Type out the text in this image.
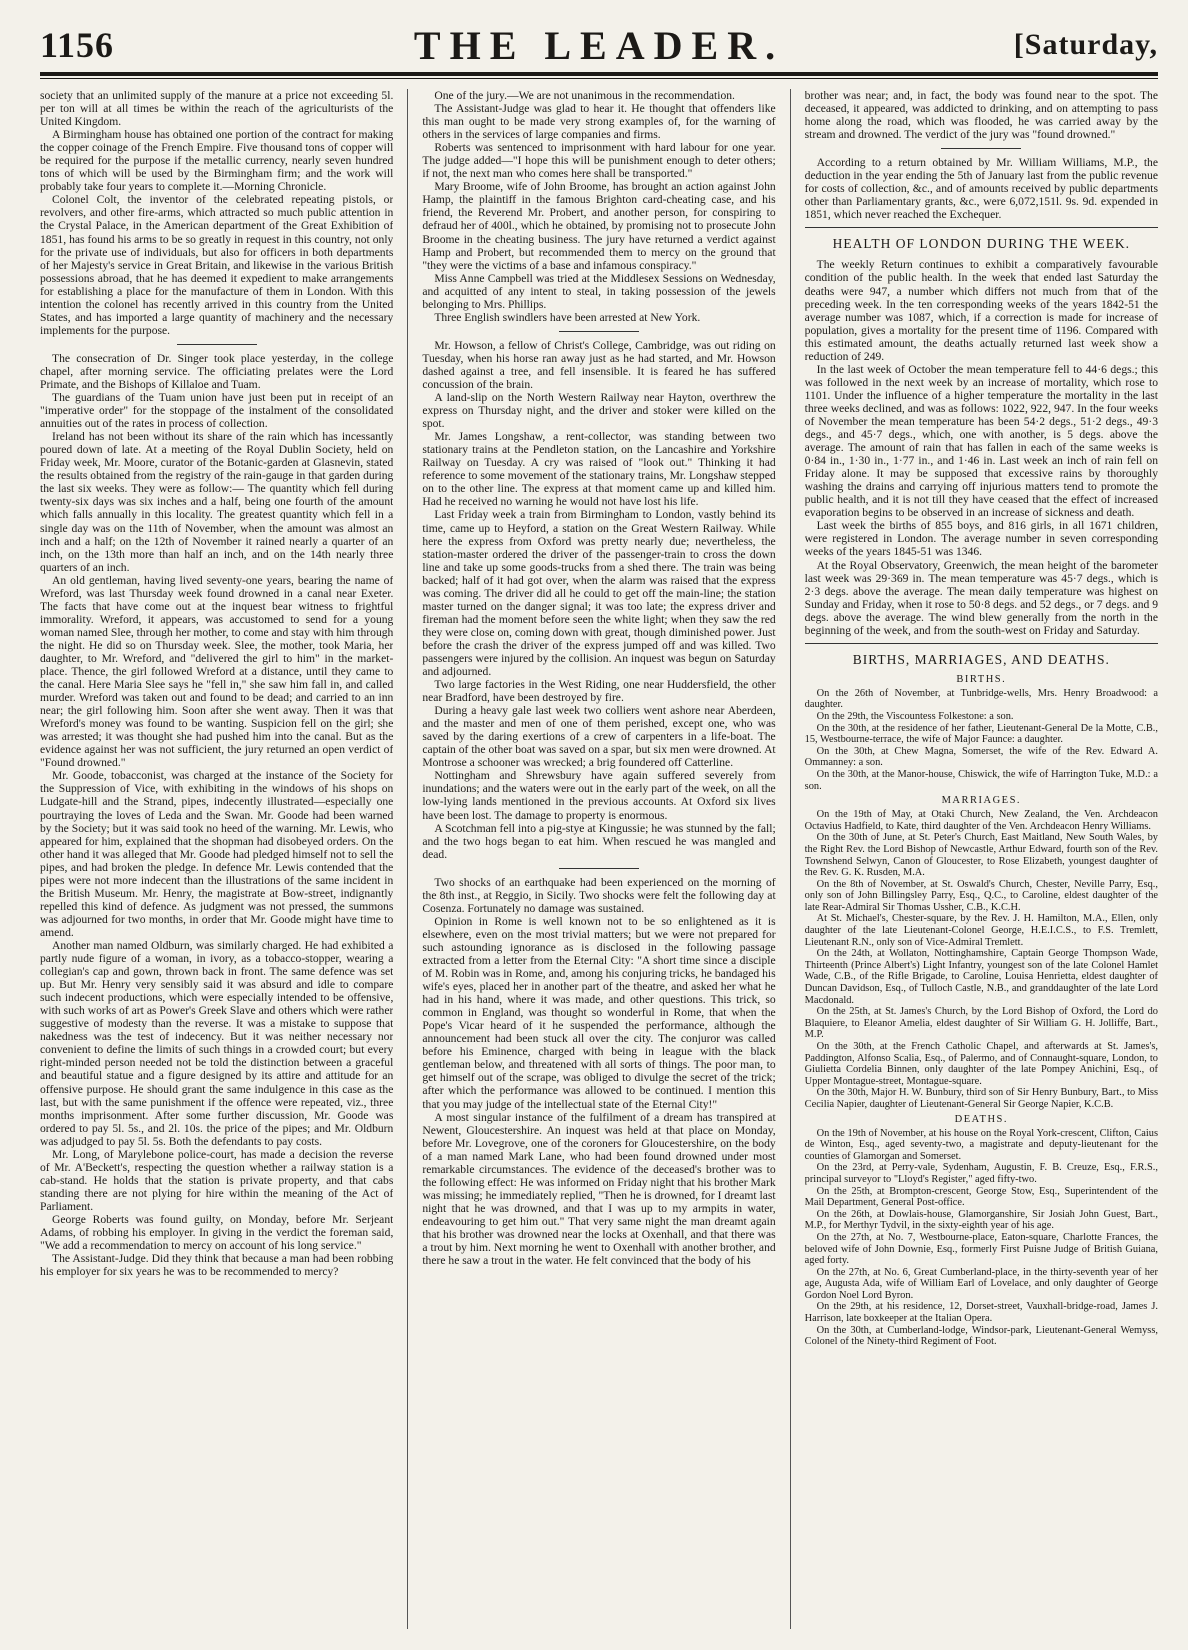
1156	THE LEADER.	[Saturday,

society that an unlimited supply of the manure at a price not exceeding 5l. per ton will at all times be within the reach of the agriculturists of the United Kingdom.

A Birmingham house has obtained one portion of the contract for making the copper coinage of the French Empire. Five thousand tons of copper will be required for the purpose if the metallic currency, nearly seven hundred tons of which will be used by the Birmingham firm; and the work will probably take four years to complete it.—Morning Chronicle.

Colonel Colt, the inventor of the celebrated repeating pistols, or revolvers, and other fire-arms, which attracted so much public attention in the Crystal Palace, in the American department of the Great Exhibition of 1851, has found his arms to be so greatly in request in this country, not only for the private use of individuals, but also for officers in both departments of her Majesty's service in Great Britain, and likewise in the various British possessions abroad, that he has deemed it expedient to make arrangements for establishing a place for the manufacture of them in London. With this intention the colonel has recently arrived in this country from the United States, and has imported a large quantity of machinery and the necessary implements for the purpose.

The consecration of Dr. Singer took place yesterday, in the college chapel, after morning service. The officiating prelates were the Lord Primate, and the Bishops of Killaloe and Tuam.

The guardians of the Tuam union have just been put in receipt of an "imperative order" for the stoppage of the instalment of the consolidated annuities out of the rates in process of collection.

Ireland has not been without its share of the rain which has incessantly poured down of late. At a meeting of the Royal Dublin Society, held on Friday week, Mr. Moore, curator of the Botanic-garden at Glasnevin, stated the results obtained from the registry of the rain-gauge in that garden during the last six weeks. They were as follow:— The quantity which fell during twenty-six days was six inches and a half, being one fourth of the amount which falls annually in this locality. The greatest quantity which fell in a single day was on the 11th of November, when the amount was almost an inch and a half; on the 12th of November it rained nearly a quarter of an inch, on the 13th more than half an inch, and on the 14th nearly three quarters of an inch.

An old gentleman, having lived seventy-one years, bearing the name of Wreford, was last Thursday week found drowned in a canal near Exeter. The facts that have come out at the inquest bear witness to frightful immorality. Wreford, it appears, was accustomed to send for a young woman named Slee, through her mother, to come and stay with him through the night. He did so on Thursday week. Slee, the mother, took Maria, her daughter, to Mr. Wreford, and "delivered the girl to him" in the market-place. Thence, the girl followed Wreford at a distance, until they came to the canal. Here Maria Slee says he "fell in," she saw him fall in, and called murder. Wreford was taken out and found to be dead; and carried to an inn near; the girl following him. Soon after she went away. Then it was that Wreford's money was found to be wanting. Suspicion fell on the girl; she was arrested; it was thought she had pushed him into the canal. But as the evidence against her was not sufficient, the jury returned an open verdict of "Found drowned."

Mr. Goode, tobacconist, was charged at the instance of the Society for the Suppression of Vice, with exhibiting in the windows of his shops on Ludgate-hill and the Strand, pipes, indecently illustrated—especially one pourtraying the loves of Leda and the Swan. Mr. Goode had been warned by the Society; but it was said took no heed of the warning. Mr. Lewis, who appeared for him, explained that the shopman had disobeyed orders. On the other hand it was alleged that Mr. Goode had pledged himself not to sell the pipes, and had broken the pledge. In defence Mr. Lewis contended that the pipes were not more indecent than the illustrations of the same incident in the British Museum. Mr. Henry, the magistrate at Bow-street, indignantly repelled this kind of defence. As judgment was not pressed, the summons was adjourned for two months, in order that Mr. Goode might have time to amend.

Another man named Oldburn, was similarly charged. He had exhibited a partly nude figure of a woman, in ivory, as a tobacco-stopper, wearing a collegian's cap and gown, thrown back in front. The same defence was set up. But Mr. Henry very sensibly said it was absurd and idle to compare such indecent productions, which were especially intended to be offensive, with such works of art as Power's Greek Slave and others which were rather suggestive of modesty than the reverse. It was a mistake to suppose that nakedness was the test of indecency. But it was neither necessary nor convenient to define the limits of such things in a crowded court; but every right-minded person needed not be told the distinction between a graceful and beautiful statue and a figure designed by its attire and attitude for an offensive purpose. He should grant the same indulgence in this case as the last, but with the same punishment if the offence were repeated, viz., three months imprisonment. After some further discussion, Mr. Goode was ordered to pay 5l. 5s., and 2l. 10s. the price of the pipes; and Mr. Oldburn was adjudged to pay 5l. 5s. Both the defendants to pay costs.

Mr. Long, of Marylebone police-court, has made a decision the reverse of Mr. A'Beckett's, respecting the question whether a railway station is a cab-stand. He holds that the station is private property, and that cabs standing there are not plying for hire within the meaning of the Act of Parliament.

George Roberts was found guilty, on Monday, before Mr. Serjeant Adams, of robbing his employer. In giving in the verdict the foreman said, "We add a recommendation to mercy on account of his long service."

The Assistant-Judge. Did they think that because a man had been robbing his employer for six years he was to be recommended to mercy?

One of the jury.—We are not unanimous in the recommendation.

The Assistant-Judge was glad to hear it. He thought that offenders like this man ought to be made very strong examples of, for the warning of others in the services of large companies and firms.

Roberts was sentenced to imprisonment with hard labour for one year. The judge added—"I hope this will be punishment enough to deter others; if not, the next man who comes here shall be transported."

Mary Broome, wife of John Broome, has brought an action against John Hamp, the plaintiff in the famous Brighton card-cheating case, and his friend, the Reverend Mr. Probert, and another person, for conspiring to defraud her of 400l., which he obtained, by promising not to prosecute John Broome in the cheating business. The jury have returned a verdict against Hamp and Probert, but recommended them to mercy on the ground that "they were the victims of a base and infamous conspiracy."

Miss Anne Campbell was tried at the Middlesex Sessions on Wednesday, and acquitted of any intent to steal, in taking possession of the jewels belonging to Mrs. Phillips.

Three English swindlers have been arrested at New York.

Mr. Howson, a fellow of Christ's College, Cambridge, was out riding on Tuesday, when his horse ran away just as he had started, and Mr. Howson dashed against a tree, and fell insensible. It is feared he has suffered concussion of the brain.

A land-slip on the North Western Railway near Hayton, overthrew the express on Thursday night, and the driver and stoker were killed on the spot.

Mr. James Longshaw, a rent-collector, was standing between two stationary trains at the Pendleton station, on the Lancashire and Yorkshire Railway on Tuesday. A cry was raised of "look out." Thinking it had reference to some movement of the stationary trains, Mr. Longshaw stepped on to the other line. The express at that moment came up and killed him. Had he received no warning he would not have lost his life.

Last Friday week a train from Birmingham to London, vastly behind its time, came up to Heyford, a station on the Great Western Railway. While here the express from Oxford was pretty nearly due; nevertheless, the station-master ordered the driver of the passenger-train to cross the down line and take up some goods-trucks from a shed there. The train was being backed; half of it had got over, when the alarm was raised that the express was coming. The driver did all he could to get off the main-line; the station master turned on the danger signal; it was too late; the express driver and fireman had the moment before seen the white light; when they saw the red they were close on, coming down with great, though diminished power. Just before the crash the driver of the express jumped off and was killed. Two passengers were injured by the collision. An inquest was begun on Saturday and adjourned.

Two large factories in the West Riding, one near Huddersfield, the other near Bradford, have been destroyed by fire.

During a heavy gale last week two colliers went ashore near Aberdeen, and the master and men of one of them perished, except one, who was saved by the daring exertions of a crew of carpenters in a life-boat. The captain of the other boat was saved on a spar, but six men were drowned. At Montrose a schooner was wrecked; a brig foundered off Catterline.

Nottingham and Shrewsbury have again suffered severely from inundations; and the waters were out in the early part of the week, on all the low-lying lands mentioned in the previous accounts. At Oxford six lives have been lost. The damage to property is enormous.

A Scotchman fell into a pig-stye at Kingussie; he was stunned by the fall; and the two hogs began to eat him. When rescued he was mangled and dead.

Two shocks of an earthquake had been experienced on the morning of the 8th inst., at Reggio, in Sicily. Two shocks were felt the following day at Cosenza. Fortunately no damage was sustained.

Opinion in Rome is well known not to be so enlightened as it is elsewhere, even on the most trivial matters; but we were not prepared for such astounding ignorance as is disclosed in the following passage extracted from a letter from the Eternal City: "A short time since a disciple of M. Robin was in Rome, and, among his conjuring tricks, he bandaged his wife's eyes, placed her in another part of the theatre, and asked her what he had in his hand, where it was made, and other questions. This trick, so common in England, was thought so wonderful in Rome, that when the Pope's Vicar heard of it he suspended the performance, although the announcement had been stuck all over the city. The conjuror was called before his Eminence, charged with being in league with the black gentleman below, and threatened with all sorts of things. The poor man, to get himself out of the scrape, was obliged to divulge the secret of the trick; after which the performance was allowed to be continued. I mention this that you may judge of the intellectual state of the Eternal City!"

A most singular instance of the fulfilment of a dream has transpired at Newent, Gloucestershire. An inquest was held at that place on Monday, before Mr. Lovegrove, one of the coroners for Gloucestershire, on the body of a man named Mark Lane, who had been found drowned under most remarkable circumstances. The evidence of the deceased's brother was to the following effect: He was informed on Friday night that his brother Mark was missing; he immediately replied, "Then he is drowned, for I dreamt last night that he was drowned, and that I was up to my armpits in water, endeavouring to get him out." That very same night the man dreamt again that his brother was drowned near the locks at Oxenhall, and that there was a trout by him. Next morning he went to Oxenhall with another brother, and there he saw a trout in the water. He felt convinced that the body of his

brother was near; and, in fact, the body was found near to the spot. The deceased, it appeared, was addicted to drinking, and on attempting to pass home along the road, which was flooded, he was carried away by the stream and drowned. The verdict of the jury was "found drowned."

According to a return obtained by Mr. William Williams, M.P., the deduction in the year ending the 5th of January last from the public revenue for costs of collection, &c., and of amounts received by public departments other than Parliamentary grants, &c., were 6,072,151l. 9s. 9d. expended in 1851, which never reached the Exchequer.

HEALTH OF LONDON DURING THE WEEK.

The weekly Return continues to exhibit a comparatively favourable condition of the public health. In the week that ended last Saturday the deaths were 947, a number which differs not much from that of the preceding week. In the ten corresponding weeks of the years 1842-51 the average number was 1087, which, if a correction is made for increase of population, gives a mortality for the present time of 1196. Compared with this estimated amount, the deaths actually returned last week show a reduction of 249.

In the last week of October the mean temperature fell to 44·6 degs.; this was followed in the next week by an increase of mortality, which rose to 1101. Under the influence of a higher temperature the mortality in the last three weeks declined, and was as follows: 1022, 922, 947. In the four weeks of November the mean temperature has been 54·2 degs., 51·2 degs., 49·3 degs., and 45·7 degs., which, one with another, is 5 degs. above the average. The amount of rain that has fallen in each of the same weeks is 0·84 in., 1·30 in., 1·77 in., and 1·46 in. Last week an inch of rain fell on Friday alone. It may be supposed that excessive rains by thoroughly washing the drains and carrying off injurious matters tend to promote the public health, and it is not till they have ceased that the effect of increased evaporation begins to be observed in an increase of sickness and death.

Last week the births of 855 boys, and 816 girls, in all 1671 children, were registered in London. The average number in seven corresponding weeks of the years 1845-51 was 1346.

At the Royal Observatory, Greenwich, the mean height of the barometer last week was 29·369 in. The mean temperature was 45·7 degs., which is 2·3 degs. above the average. The mean daily temperature was highest on Sunday and Friday, when it rose to 50·8 degs. and 52 degs., or 7 degs. and 9 degs. above the average. The wind blew generally from the north in the beginning of the week, and from the south-west on Friday and Saturday.

BIRTHS, MARRIAGES, AND DEATHS.
BIRTHS.

On the 26th of November, at Tunbridge-wells, Mrs. Henry Broadwood: a daughter.

On the 29th, the Viscountess Folkestone: a son.

On the 30th, at the residence of her father, Lieutenant-General De la Motte, C.B., 15, Westbourne-terrace, the wife of Major Faunce: a daughter.

On the 30th, at Chew Magna, Somerset, the wife of the Rev. Edward A. Ommanney: a son.

On the 30th, at the Manor-house, Chiswick, the wife of Harrington Tuke, M.D.: a son.

MARRIAGES.

On the 19th of May, at Otaki Church, New Zealand, the Ven. Archdeacon Octavius Hadfield, to Kate, third daughter of the Ven. Archdeacon Henry Williams.

On the 30th of June, at St. Peter's Church, East Maitland, New South Wales, by the Right Rev. the Lord Bishop of Newcastle, Arthur Edward, fourth son of the Rev. Townshend Selwyn, Canon of Gloucester, to Rose Elizabeth, youngest daughter of the Rev. G. K. Rusden, M.A.

On the 8th of November, at St. Oswald's Church, Chester, Neville Parry, Esq., only son of John Billingsley Parry, Esq., Q.C., to Caroline, eldest daughter of the late Rear-Admiral Sir Thomas Ussher, C.B., K.C.H.

At St. Michael's, Chester-square, by the Rev. J. H. Hamilton, M.A., Ellen, only daughter of the late Lieutenant-Colonel George, H.E.I.C.S., to F.S. Tremlett, Lieutenant R.N., only son of Vice-Admiral Tremlett.

On the 24th, at Wollaton, Nottinghamshire, Captain George Thompson Wade, Thirteenth (Prince Albert's) Light Infantry, youngest son of the late Colonel Hamlet Wade, C.B., of the Rifle Brigade, to Caroline, Louisa Henrietta, eldest daughter of Duncan Davidson, Esq., of Tulloch Castle, N.B., and granddaughter of the late Lord Macdonald.

On the 25th, at St. James's Church, by the Lord Bishop of Oxford, the Lord do Blaquiere, to Eleanor Amelia, eldest daughter of Sir William G. H. Jolliffe, Bart., M.P.

On the 30th, at the French Catholic Chapel, and afterwards at St. James's, Paddington, Alfonso Scalia, Esq., of Palermo, and of Connaught-square, London, to Giulietta Cordelia Binnen, only daughter of the late Pompey Anichini, Esq., of Upper Montague-street, Montague-square.

On the 30th, Major H. W. Bunbury, third son of Sir Henry Bunbury, Bart., to Miss Cecilia Napier, daughter of Lieutenant-General Sir George Napier, K.C.B.

DEATHS.

On the 19th of November, at his house on the Royal York-crescent, Clifton, Caius de Winton, Esq., aged seventy-two, a magistrate and deputy-lieutenant for the counties of Glamorgan and Somerset.

On the 23rd, at Perry-vale, Sydenham, Augustin, F. B. Creuze, Esq., F.R.S., principal surveyor to "Lloyd's Register," aged fifty-two.

On the 25th, at Brompton-crescent, George Stow, Esq., Superintendent of the Mail Department, General Post-office.

On the 26th, at Dowlais-house, Glamorganshire, Sir Josiah John Guest, Bart., M.P., for Merthyr Tydvil, in the sixty-eighth year of his age.

On the 27th, at No. 7, Westbourne-place, Eaton-square, Charlotte Frances, the beloved wife of John Downie, Esq., formerly First Puisne Judge of British Guiana, aged forty.

On the 27th, at No. 6, Great Cumberland-place, in the thirty-seventh year of her age, Augusta Ada, wife of William Earl of Lovelace, and only daughter of George Gordon Noel Lord Byron.

On the 29th, at his residence, 12, Dorset-street, Vauxhall-bridge-road, James J. Harrison, late boxkeeper at the Italian Opera.

On the 30th, at Cumberland-lodge, Windsor-park, Lieutenant-General Wemyss, Colonel of the Ninety-third Regiment of Foot.
